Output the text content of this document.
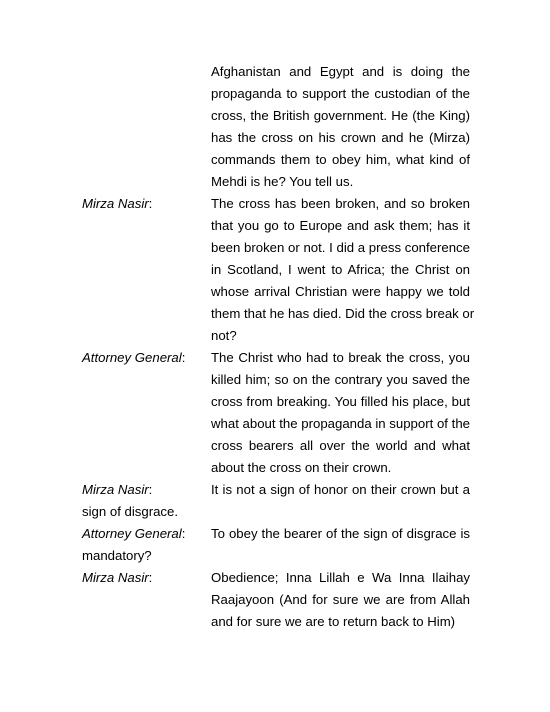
Afghanistan and Egypt and is doing the
propaganda to support the custodian of the
cross, the British government. He (the King)
has the cross on his crown and he (Mirza)
commands them to obey him, what kind of
Mehdi is he? You tell us.
Mirza Nasir:	The cross has been broken, and so broken
that you go to Europe and ask them; has it
been broken or not. I did a press conference
in Scotland, I went to Africa; the Christ on
whose arrival Christian were happy we told
them that he has died. Did the cross break or
not?
Attorney General: The Christ who had to break the cross, you
killed him; so on the contrary you saved the
cross from breaking. You filled his place, but
what about the propaganda in support of the
cross bearers all over the world and what
about the cross on their crown.
Mirza Nasir:	It is not a sign of honor on their crown but a
sign of disgrace.
Attorney General: To obey the bearer of the sign of disgrace is
mandatory?
Mirza Nasir:	Obedience; Inna Lillah e Wa Inna Ilaihay
Raajayoon (And for sure we are from Allah
and for sure we are to return back to Him)
